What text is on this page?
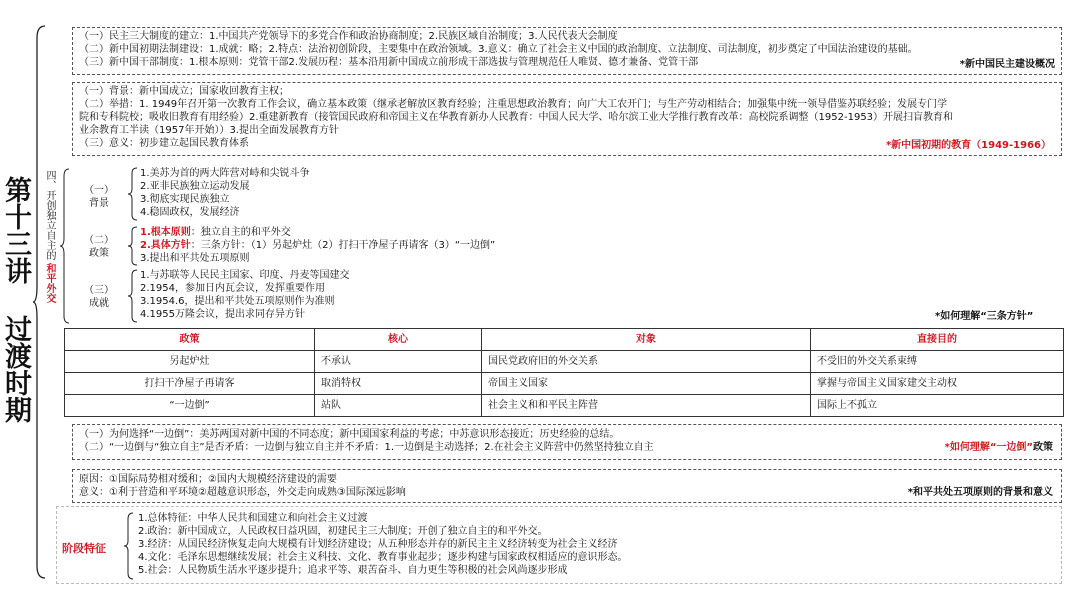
第十三讲 过渡时期
（一）民主三大制度的建立：1.中国共产党领导下的多党合作和政治协商制度；2.民族区域自治制度；3.人民代表大会制度
（二）新中国初期法制建设：1.成就：略；2.特点：法治初创阶段，主要集中在政治领域。3.意义：确立了社会主义中国的政治制度、立法制度、司法制度，初步奠定了中国法治建设的基础。
（三）新中国干部制度：1.根本原则：党管干部2.发展历程：基本沿用新中国成立前形成干部选拔与管理规范任人唯贤、德才兼备、党管干部	*新中国民主建设概况
（一）背景：新中国成立；国家收回教育主权；
（二）举措：1. 1949年召开第一次教育工作会议，确立基本政策（继承老解放区教育经验；注重思想政治教育；向广大工农开门；与生产劳动相结合；加强集中统一领导借鉴苏联经验；发展专门学
院和专科院校；吸收旧教育有用经验）2.重建新教育（接管国民政府和帝国主义在华教育新办人民教育：中国人民大学、哈尔滨工业大学推行教育改革：高校院系调整（1952-1953）开展扫盲教育和
业余教育工半读（1957年开始））3.提出全面发展教育方针
（三）意义：初步建立起国民教育体系	*新中国初期的教育（1949-1966）
四、开创独立自主的和平外交
（一）
背景
1.美苏为首的两大阵营对峙和尖锐斗争
2.亚非民族独立运动发展
3.彻底实现民族独立
4.稳固政权，发展经济
（二）
政策
1.根本原则：独立自主的和平外交
2.具体方针：三条方针：（1）另起炉灶（2）打扫干净屋子再请客（3）“一边倒”
3.提出和平共处五项原则
（三）
成就
1.与苏联等人民民主国家、印度、丹麦等国建交
2.1954，参加日内瓦会议，发挥重要作用
3.1954.6，提出和平共处五项原则作为准则
4.1955万隆会议，提出求同存异方针	*如何理解“三条方针”
政策	核心	对象	直接目的
另起炉灶	不承认	国民党政府旧的外交关系	不受旧的外交关系束缚
打扫干净屋子再请客	取消特权	帝国主义国家	掌握与帝国主义国家建交主动权
“一边倒”	站队	社会主义和和平民主阵营	国际上不孤立
（一）为何选择“一边倒”：美苏两国对新中国的不同态度；新中国国家利益的考虑；中苏意识形态接近；历史经验的总结。
（二）“一边倒与“独立自主”是否矛盾：一边倒与独立自主并不矛盾：1.一边倒是主动选择；2.在社会主义阵营中仍然坚持独立自主	*如何理解“一边倒”政策
原因：①国际局势相对缓和；②国内大规模经济建设的需要
意义：①利于营造和平环境②超越意识形态，外交走向成熟③国际深远影响	*和平共处五项原则的背景和意义
阶段特征
1.总体特征：中华人民共和国建立和向社会主义过渡
2.政治：新中国成立，人民政权日益巩固，初建民主三大制度；开创了独立自主的和平外交。
3.经济：从国民经济恢复走向大规模有计划经济建设；从五种形态并存的新民主主义经济转变为社会主义经济
4.文化：毛泽东思想继续发展；社会主义科技、文化、教育事业起步；逐步构建与国家政权相适应的意识形态。
5.社会：人民物质生活水平逐步提升；追求平等、艰苦奋斗、自力更生等积极的社会风尚逐步形成
